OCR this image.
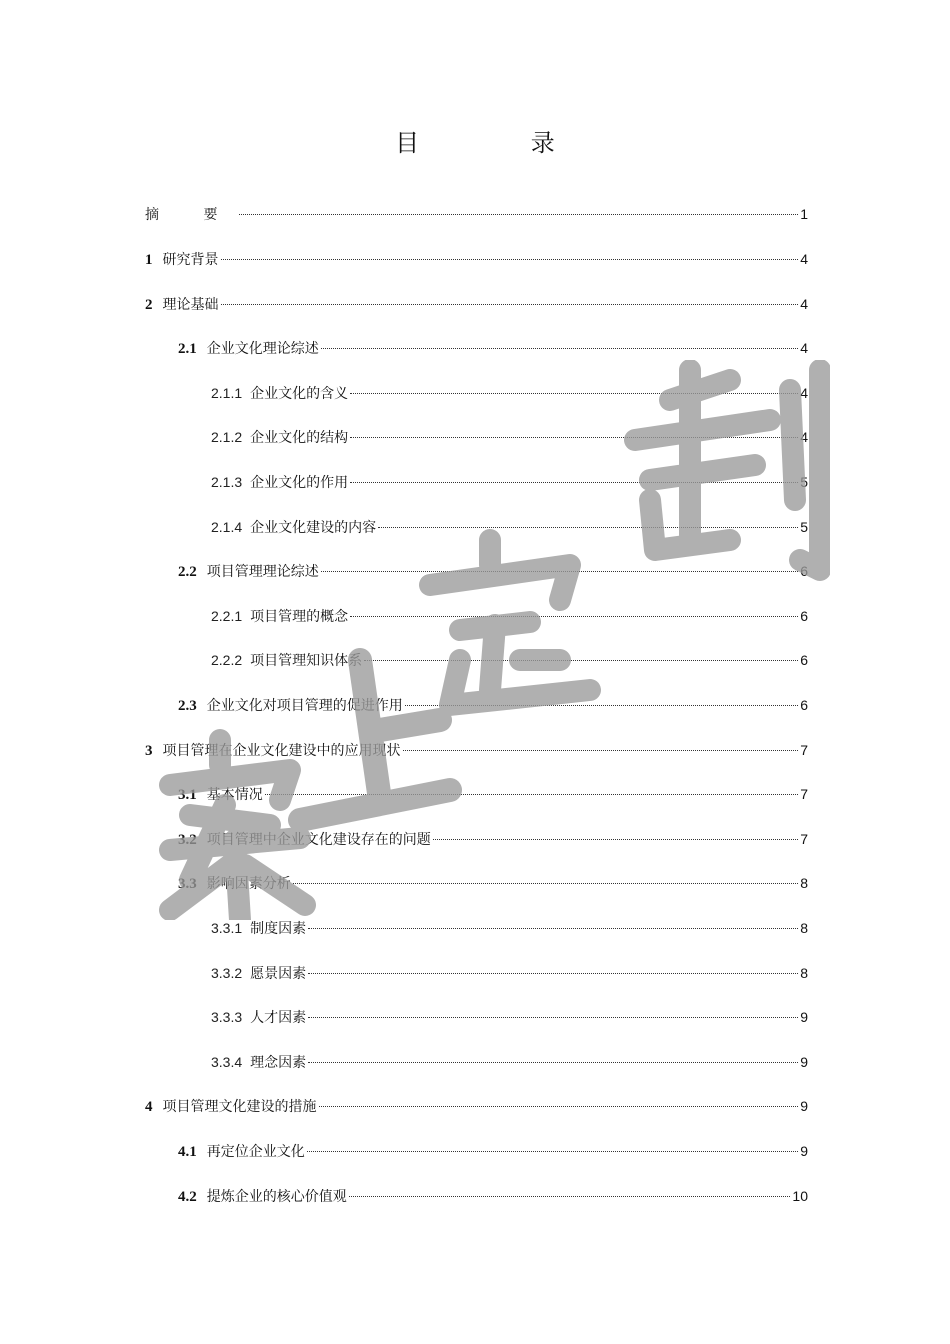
目 录
摘 要	1
1 研究背景	4
2 理论基础	4
2.1 企业文化理论综述	4
2.1.1 企业文化的含义	4
2.1.2 企业文化的结构	4
2.1.3 企业文化的作用	5
2.1.4 企业文化建设的内容	5
2.2 项目管理理论综述	6
2.2.1 项目管理的概念	6
2.2.2 项目管理知识体系	6
2.3 企业文化对项目管理的促进作用	6
3 项目管理在企业文化建设中的应用现状	7
3.1 基本情况	7
3.2 项目管理中企业文化建设存在的问题	7
3.3 影响因素分析	8
3.3.1 制度因素	8
3.3.2 愿景因素	8
3.3.3 人才因素	9
3.3.4 理念因素	9
4 项目管理文化建设的措施	9
4.1 再定位企业文化	9
4.2 提炼企业的核心价值观	10
